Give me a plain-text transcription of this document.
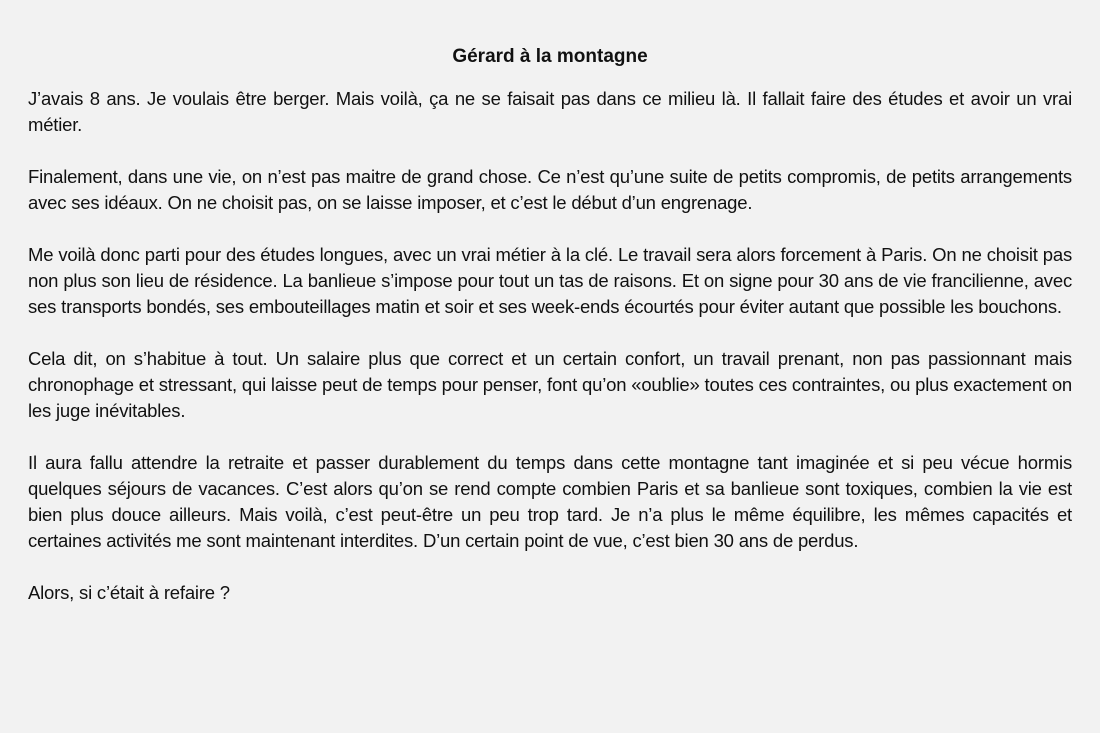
Gérard à la montagne

J’avais 8 ans. Je voulais être berger. Mais voilà, ça ne se faisait pas dans ce milieu là. Il fallait faire des études et avoir un vrai métier.

Finalement, dans une vie, on n’est pas maitre de grand chose. Ce n’est qu’une suite de petits compromis, de petits arrangements avec ses idéaux. On ne choisit pas, on se laisse imposer, et c’est le début d’un engrenage.

Me voilà donc parti pour des études longues, avec un vrai métier à la clé. Le travail sera alors forcement à Paris. On ne choisit pas non plus son lieu de résidence. La banlieue s’impose pour tout un tas de raisons. Et on signe pour 30 ans de vie francilienne, avec ses transports bondés, ses embouteillages matin et soir et ses week-ends écourtés pour éviter autant que possible les bouchons.

Cela dit, on s’habitue à tout. Un salaire plus que correct et un certain confort, un travail prenant, non pas passionnant mais chronophage et stressant, qui laisse peut de temps pour penser, font qu’on «oublie» toutes ces contraintes, ou plus exactement on les juge inévitables.

Il aura fallu attendre la retraite et passer durablement du temps dans cette montagne tant imaginée et si peu vécue hormis quelques séjours de vacances. C’est alors qu’on se rend compte combien Paris et sa banlieue sont toxiques, combien la vie est bien plus douce ailleurs. Mais voilà, c’est peut-être un peu trop tard. Je n’a plus le même équilibre, les mêmes capacités et certaines activités me sont maintenant interdites. D’un certain point de vue, c’est bien 30 ans de perdus.

Alors, si c’était à refaire ?
